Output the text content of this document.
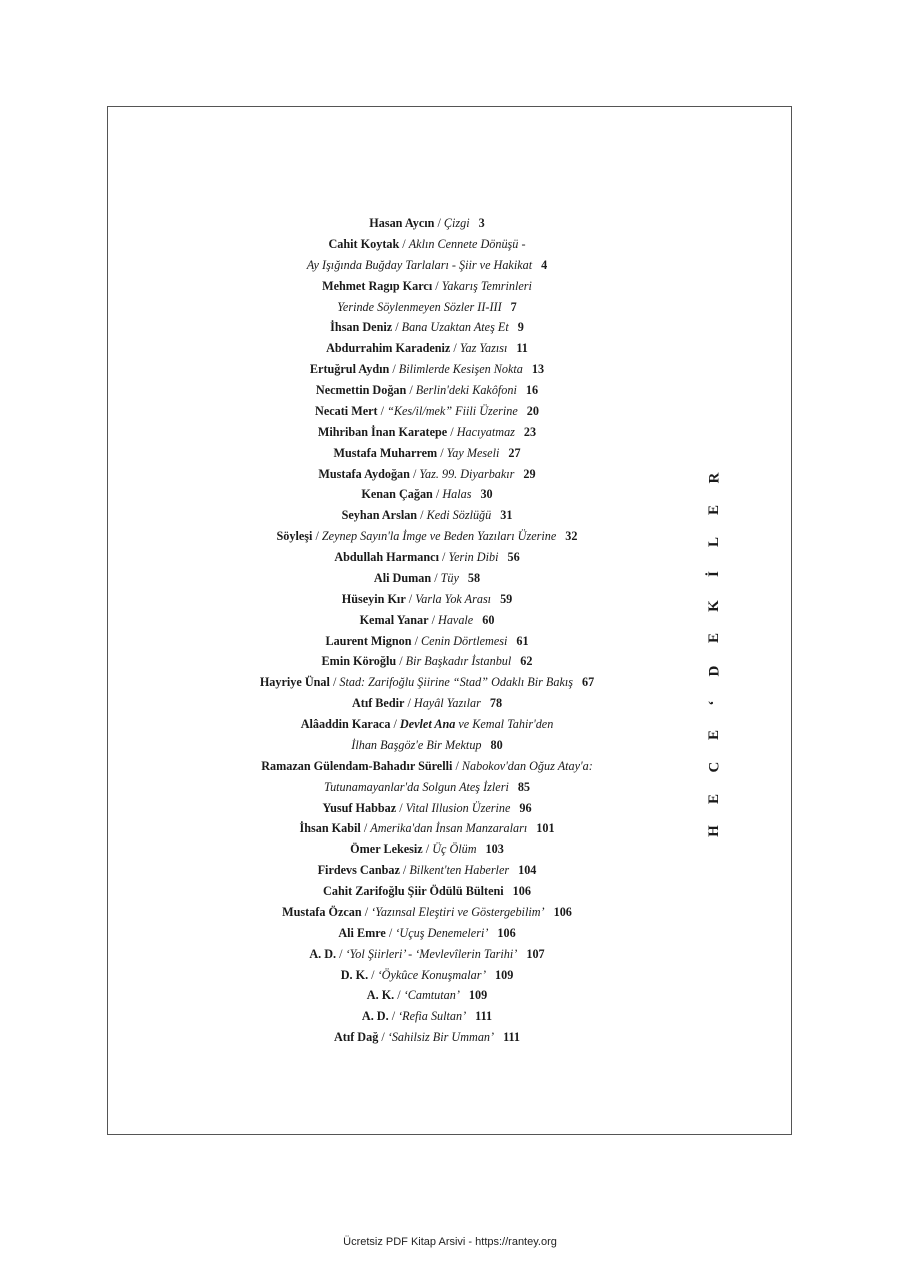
Hasan Aycın / Çizgi 3
Cahit Koytak / Aklın Cennete Dönüşü -
Ay Işığında Buğday Tarlaları - Şiir ve Hakikat 4
Mehmet Ragıp Karcı / Yakarış Temrinleri
Yerinde Söylenmeyen Sözler II-III 7
İhsan Deniz / Bana Uzaktan Ateş Et 9
Abdurrahim Karadeniz / Yaz Yazısı 11
Ertuğrul Aydın / Bilimlerde Kesişen Nokta 13
Necmettin Doğan / Berlin'deki Kakôfoni 16
Necati Mert / “Kes/il/mek” Fiili Üzerine 20
Mihriban İnan Karatepe / Hacıyatmaz 23
Mustafa Muharrem / Yay Meseli 27
Mustafa Aydoğan / Yaz. 99. Diyarbakır 29
Kenan Çağan / Halas 30
Seyhan Arslan / Kedi Sözlüğü 31
Söyleşi / Zeynep Sayın'la İmge ve Beden Yazıları Üzerine 32
Abdullah Harmancı / Yerin Dibi 56
Ali Duman / Tüy 58
Hüseyin Kır / Varla Yok Arası 59
Kemal Yanar / Havale 60
Laurent Mignon / Cenin Dörtlemesi 61
Emin Köroğlu / Bir Başkadır İstanbul 62
Hayriye Ünal / Stad: Zarifoğlu Şiirine “Stad” Odaklı Bir Bakış 67
Atıf Bedir / Hayâl Yazılar 78
Alâaddin Karaca / Devlet Ana ve Kemal Tahir'den
İlhan Başgöz'e Bir Mektup 80
Ramazan Gülendam-Bahadır Sürelli / Nabokov'dan Oğuz Atay'a:
Tutunamayanlar'da Solgun Ateş İzleri 85
Yusuf Habbaz / Vital Illusion Üzerine 96
İhsan Kabil / Amerika'dan İnsan Manzaraları 101
Ömer Lekesiz / Üç Ölüm 103
Firdevs Canbaz / Bilkent'ten Haberler 104
Cahit Zarifoğlu Şiir Ödülü Bülteni 106
Mustafa Özcan / ‘Yazınsal Eleştiri ve Göstergebilim’ 106
Ali Emre / ‘Uçuş Denemeleri’ 106
A. D. / ‘Yol Şiirleri’ - ‘Mevlevîlerin Tarihi’ 107
D. K. / ‘Öykûce Konuşmalar’ 109
A. K. / ‘Camtutan’ 109
A. D. / ‘Refia Sultan’ 111
Atıf Dağ / ‘Sahilsiz Bir Umman’ 111
R
E
L
İ
K
E
D
‘
E
C
E
H
Ücretsiz PDF Kitap Arsivi - https://rantey.org
